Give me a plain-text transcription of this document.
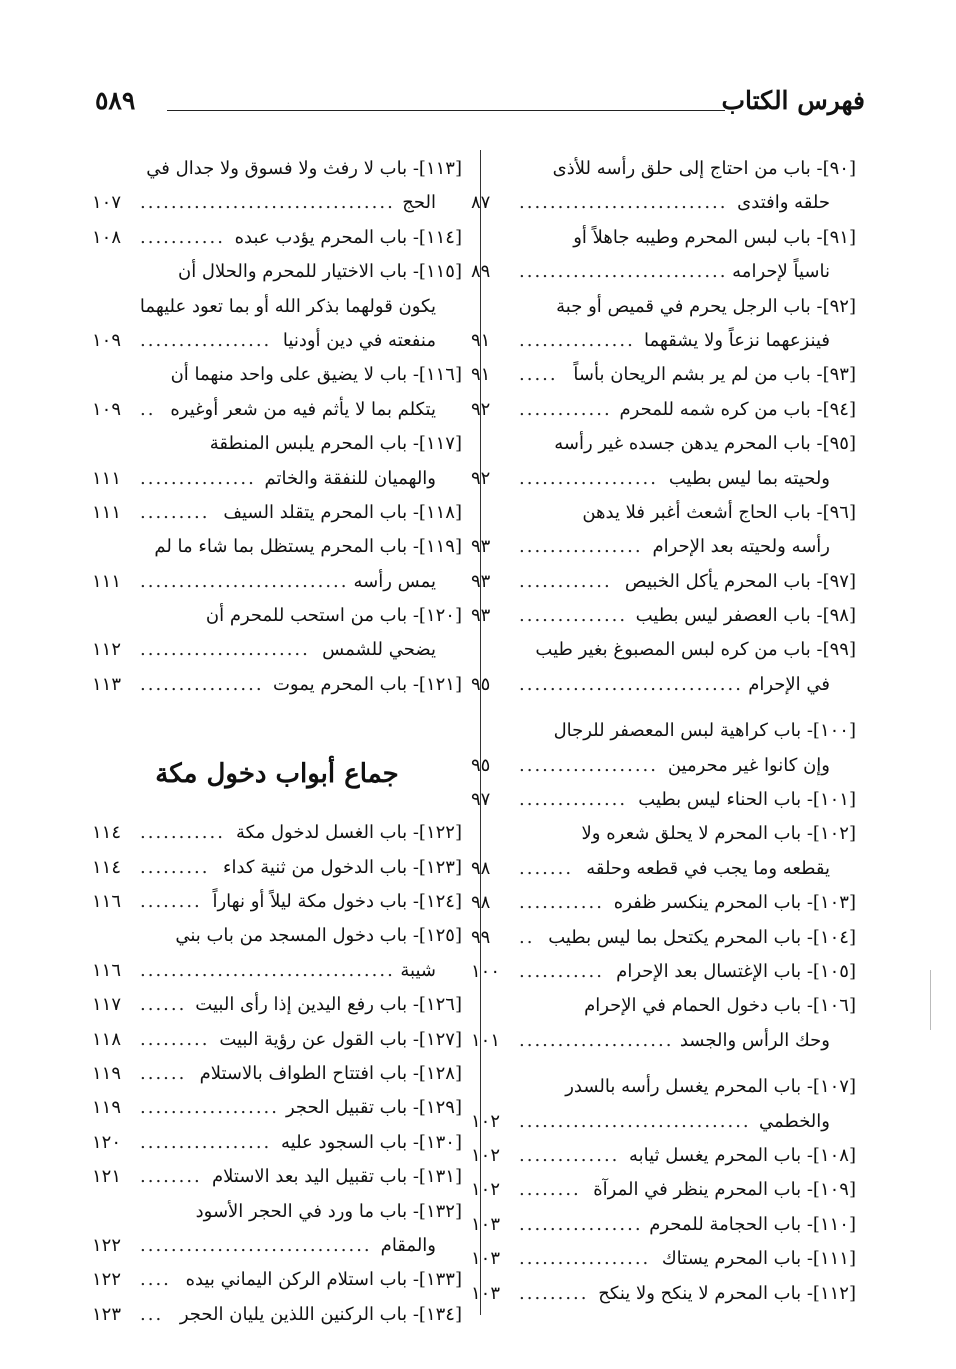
فهرس الكتاب
٥٨٩
[٩٠]- باب من احتاج إلى حلق رأسه للأذى
حلقه وافتدى
...........................
٨٧
[٩١]- باب لبس المحرم وطيبه جاهلاً أو
ناسياً لإحرامه
...........................
٨٩
[٩٢]- باب الرجل يحرم في قميص أو جبة
فينزعهما نزعاً ولا يشقهما
...............
٩١
[٩٣]- باب من لم ير بشم الريحان بأساً
.....
٩١
[٩٤]- باب من كره شمه للمحرم
............
٩٢
[٩٥]- باب المحرم يدهن جسده غير رأسه
ولحيته بما ليس بطيب
..................
٩٢
[٩٦]- باب الحاج أشعث أغبر فلا يدهن
رأسه ولحيته بعد الإحرام
................
٩٣
[٩٧]- باب المحرم يأكل الخبيص
............
٩٣
[٩٨]- باب العصفر ليس بطيب
..............
٩٣
[٩٩]- باب من كره لبس المصبوغ بغير طيب
في الإحرام
.............................
٩٥
[١٠٠]- باب كراهية لبس المعصفر للرجال
وإن كانوا غير محرمين
..................
٩٥
[١٠١]- باب الحناء ليس بطيب
..............
٩٧
[١٠٢]- باب المحرم لا يحلق شعره ولا
يقطعه وما يجب في قطعه وحلقه
.......
٩٨
[١٠٣]- باب المحرم ينكسر ظفره
...........
٩٨
[١٠٤]- باب المحرم يكتحل بما ليس بطيب
..
٩٩
[١٠٥]- باب الإغتسال بعد الإحرام
...........
١٠٠
[١٠٦]- باب دخول الحمام في الإحرام
وحك الرأس والجسد
....................
١٠١
[١٠٧]- باب المحرم يغسل رأسه بالسدر
والخطمي
..............................
١٠٢
[١٠٨]- باب المحرم يغسل ثيابه
.............
١٠٢
[١٠٩]- باب المحرم ينظر في المرآة
........
١٠٢
[١١٠]- باب الحجامة للمحرم
................
١٠٣
[١١١]- باب المحرم يستاك
.................
١٠٣
[١١٢]- باب المحرم لا ينكح ولا ينكح
.........
١٠٣
[١١٣]- باب لا رفث ولا فسوق ولا جدال في
الحج
.................................
١٠٧
[١١٤]- باب المحرم يؤدب عبده
...........
١٠٨
[١١٥]- باب الاختيار للمحرم والحلال أن
يكون قولهما بذكر الله أو بما تعود عليهما
منفعته في دين أودنيا
.................
١٠٩
[١١٦]- باب لا يضيق على واحد منهما أن
يتكلم بما لا يأثم فيه من شعر أوغيره
..
١٠٩
[١١٧]- باب المحرم يلبس المنطقة
والهميان للنفقة والخاتم
...............
١١١
[١١٨]- باب المحرم يتقلد السيف
.........
١١١
[١١٩]- باب المحرم يستظل بما شاء ما لم
يمس رأسه
...........................
١١١
[١٢٠]- باب من استحب للمحرم أن
يضحي للشمس
......................
١١٢
[١٢١]- باب المحرم يموت
................
١١٣
جماع أبواب دخول مكة
[١٢٢]- باب الغسل لدخول مكة
...........
١١٤
[١٢٣]- باب الدخول من ثنية كداء
.........
١١٤
[١٢٤]- باب دخول مكة ليلاً أو نهاراً
........
١١٦
[١٢٥]- باب دخول المسجد من باب بني
شيبة
.................................
١١٦
[١٢٦]- باب رفع اليدين إذا رأى البيت
......
١١٧
[١٢٧]- باب القول عن رؤية البيت
.........
١١٨
[١٢٨]- باب افتتاح الطواف بالاستلام
......
١١٩
[١٢٩]- باب تقبيل الحجر
..................
١١٩
[١٣٠]- باب السجود عليه
.................
١٢٠
[١٣١]- باب تقبيل اليد بعد الاستلام
........
١٢١
[١٣٢]- باب ما ورد في الحجر الأسود
والمقام
..............................
١٢٢
[١٣٣]- باب استلام الركن اليماني بيده
....
١٢٢
[١٣٤]- باب الركنين اللذين يليان الحجر
...
١٢٣
